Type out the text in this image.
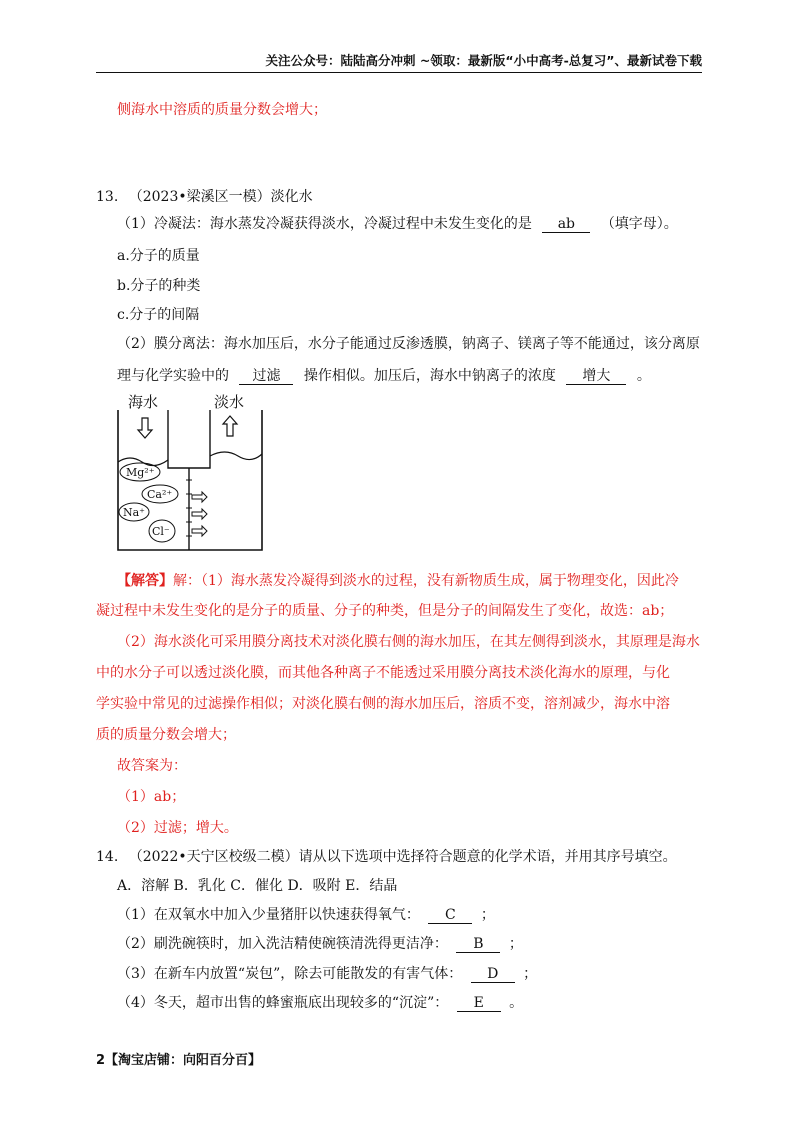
关注公众号：陆陆高分冲刺 ~领取：最新版“小中高考-总复习”、最新试卷下载
侧海水中溶质的质量分数会增大；
13. （2023•梁溪区一模）淡化水
（1）冷凝法：海水蒸发冷凝获得淡水，冷凝过程中未发生变化的是 ab （填字母）。
a.分子的质量
b.分子的种类
c.分子的间隔
（2）膜分离法：海水加压后，水分子能通过反渗透膜，钠离子、镁离子等不能通过，该分离原
理与化学实验中的 过滤 操作相似。加压后，海水中钠离子的浓度 增大 。
海水	淡水
Mg²⁺
Ca²⁺
Na⁺
Cl⁻
【解答】解：（1）海水蒸发冷凝得到淡水的过程，没有新物质生成，属于物理变化，因此冷
凝过程中未发生变化的是分子的质量、分子的种类，但是分子的间隔发生了变化，故选：ab；
（2）海水淡化可采用膜分离技术对淡化膜右侧的海水加压，在其左侧得到淡水，其原理是海水
中的水分子可以透过淡化膜，而其他各种离子不能透过采用膜分离技术淡化海水的原理，与化
学实验中常见的过滤操作相似；对淡化膜右侧的海水加压后，溶质不变，溶剂减少，海水中溶
质的质量分数会增大；
故答案为：
（1）ab；
（2）过滤；增大。
14. （2022•天宁区校级二模）请从以下选项中选择符合题意的化学术语，并用其序号填空。
A．溶解 B．乳化 C．催化 D．吸附 E．结晶
（1）在双氧水中加入少量猪肝以快速获得氧气： C ；
（2）刷洗碗筷时，加入洗洁精使碗筷清洗得更洁净： B ；
（3）在新车内放置“炭包”，除去可能散发的有害气体： D ；
（4）冬天，超市出售的蜂蜜瓶底出现较多的“沉淀”： E 。
2【淘宝店铺：向阳百分百】
